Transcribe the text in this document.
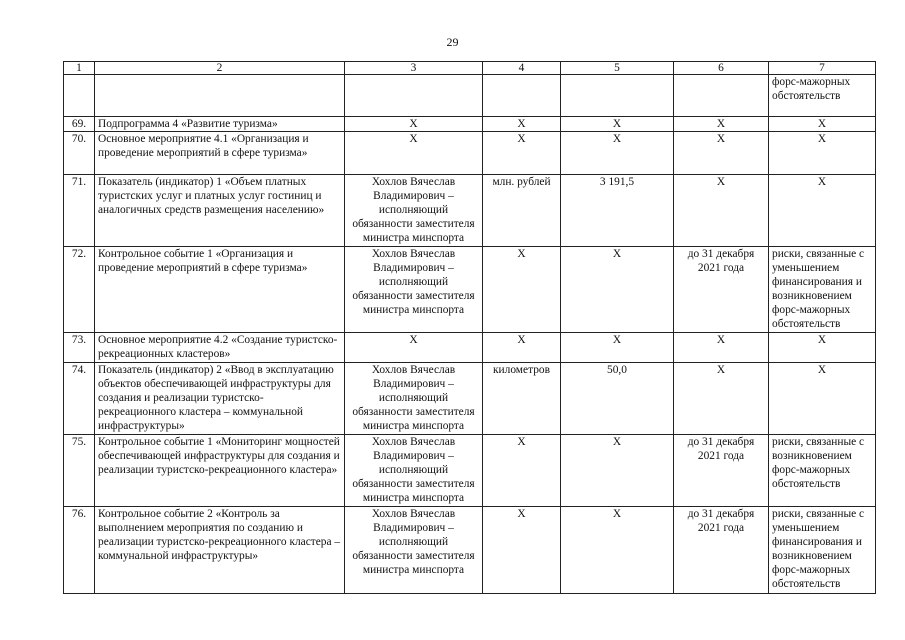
29
1	2	3	4	5	6	7
						форс-мажорных обстоятельств
69.	Подпрограмма 4 «Развитие туризма»	Х	Х	Х	Х	Х
70.	Основное мероприятие 4.1 «Организация и проведение мероприятий в сфере туризма»	Х	Х	Х	Х	Х
71.	Показатель (индикатор) 1 «Объем платных туристских услуг и платных услуг гостиниц и аналогичных средств размещения населению»	Хохлов Вячеслав Владимирович – исполняющий обязанности заместителя министра минспорта	млн. рублей	3 191,5	Х	Х
72.	Контрольное событие 1 «Организация и проведение мероприятий в сфере туризма»	Хохлов Вячеслав Владимирович – исполняющий обязанности заместителя министра минспорта	Х	Х	до 31 декабря 2021 года	риски, связанные с уменьшением финансирования и возникновением форс-мажорных обстоятельств
73.	Основное мероприятие 4.2 «Создание туристско-рекреационных кластеров»	Х	Х	Х	Х	Х
74.	Показатель (индикатор) 2 «Ввод в эксплуатацию объектов обеспечивающей инфраструктуры для создания и реализации туристско-рекреационного кластера – коммунальной инфраструктуры»	Хохлов Вячеслав Владимирович – исполняющий обязанности заместителя министра минспорта	километров	50,0	Х	Х
75.	Контрольное событие 1 «Мониторинг мощностей обеспечивающей инфраструктуры для создания и реализации туристско-рекреационного кластера»	Хохлов Вячеслав Владимирович – исполняющий обязанности заместителя министра минспорта	Х	Х	до 31 декабря 2021 года	риски, связанные с возникновением форс-мажорных обстоятельств
76.	Контрольное событие 2 «Контроль за выполнением мероприятия по созданию и реализации туристско-рекреационного кластера – коммунальной инфраструктуры»	Хохлов Вячеслав Владимирович – исполняющий обязанности заместителя министра минспорта	Х	Х	до 31 декабря 2021 года	риски, связанные с уменьшением финансирования и возникновением форс-мажорных обстоятельств
